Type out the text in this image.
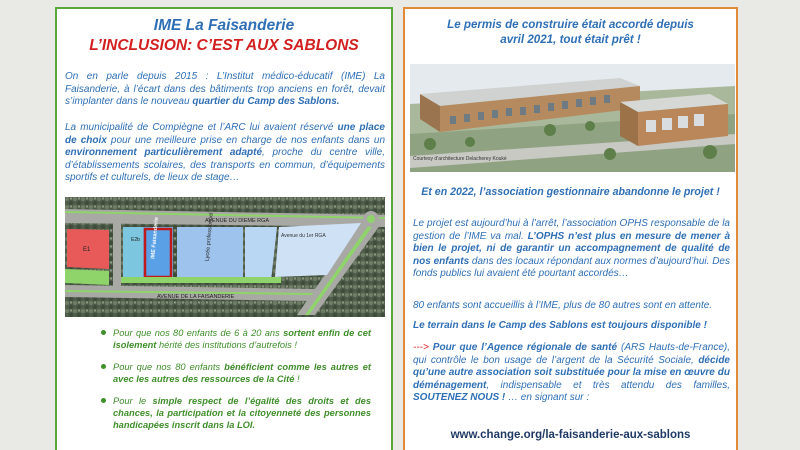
IME La Faisanderie
L’INCLUSION: C’EST AUX SABLONS
On en parle depuis 2015 : L’Institut médico-éducatif (IME) La Faisanderie, à l’écart dans des bâtiments trop anciens en forêt, devait s’implanter dans le nouveau quartier du Camp des Sablons.
La municipalité de Compiègne et l’ARC lui avaient réservé une place de choix pour une meilleure prise en charge de nos enfants dans un environnement particulièrement adapté, proche du centre ville, d’établissements scolaires, des transports en commun, d’équipements sportifs et culturels, de lieux de stage…
AVENUE DU DIEME RGA
AVENUE DE LA FAISANDERIE
E1	IME Faisanderie	Lycée professionnel
E2b
Avenue du 1er RGA
Pour que nos 80 enfants de 6 à 20 ans sortent enfin de cet isolement hérité des institutions d’autrefois !
Pour que nos 80 enfants bénéficient comme les autres et avec les autres des ressources de la Cité !
Pour le simple respect de l’égalité des droits et des chances, la participation et la citoyenneté des personnes handicapées inscrit dans la LOI.
Le permis de construire était accordé depuis avril 2021, tout était prêt !
Courtesy d’architecture Delacherey Kouké
Et en 2022, l’association gestionnaire abandonne le projet !
Le projet est aujourd’hui à l’arrêt, l’association OPHS responsable de la gestion de l’IME va mal. L’OPHS n’est plus en mesure de mener à bien le projet, ni de garantir un accompagnement de qualité de nos enfants dans des locaux répondant aux normes d’aujourd’hui. Des fonds publics lui avaient été pourtant accordés…
80 enfants sont accueillis à l’IME, plus de 80 autres sont en attente.
Le terrain dans le Camp des Sablons est toujours disponible !
---> Pour que l’Agence régionale de santé (ARS Hauts-de-France), qui contrôle le bon usage de l’argent de la Sécurité Sociale, décide qu’une autre association soit substituée pour la mise en œuvre du déménagement, indispensable et très attendu des familles, SOUTENEZ NOUS ! … en signant sur :
www.change.org/la-faisanderie-aux-sablons
